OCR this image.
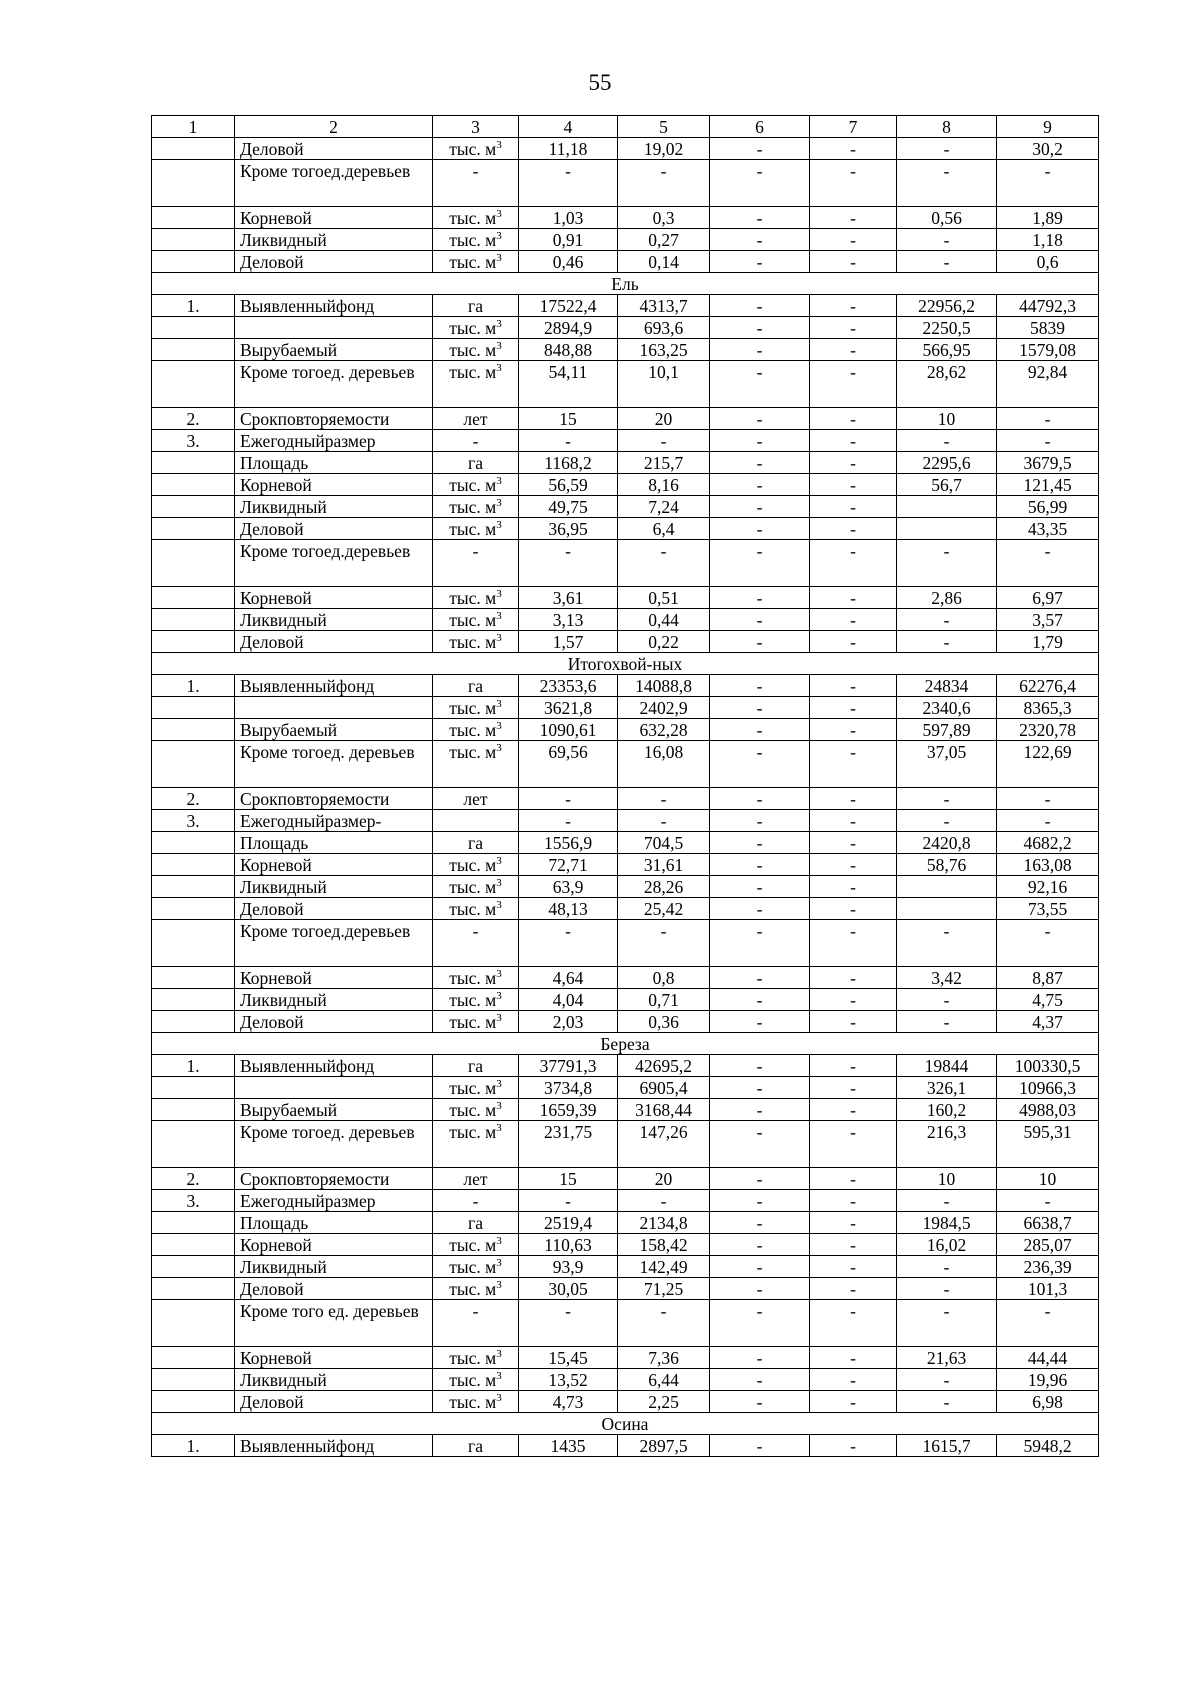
55
1	2	3	4	5	6	7	8	9
	Деловой	тыс. $м^3$	11,18	19,02	-	-	-	30,2
	Кроме тогоед.деревьев	-	-	-	-	-	-	-
	Корневой	тыс. $м^3$	1,03	0,3	-	-	0,56	1,89
	Ликвидный	тыс. $м^3$	0,91	0,27	-	-	-	1,18
	Деловой	тыс. $м^3$	0,46	0,14	-	-	-	0,6
Ель								
1.	Выявленныйфонд	га	17522,4	4313,7	-	-	22956,2	44792,3
		тыс. $м^3$	2894,9	693,6	-	-	2250,5	5839
	Вырубаемый	тыс. $м^3$	848,88	163,25	-	-	566,95	1579,08
	Кроме тогоед. деревьев	тыс. $м^3$	54,11	10,1	-	-	28,62	92,84
2.	Срокповторяемости	лет	15	20	-	-	10	-
3.	Ежегодныйразмер	-	-	-	-	-	-	-
	Площадь	га	1168,2	215,7	-	-	2295,6	3679,5
	Корневой	тыс. $м^3$	56,59	8,16	-	-	56,7	121,45
	Ликвидный	тыс. $м^3$	49,75	7,24	-	-		56,99
	Деловой	тыс. $м^3$	36,95	6,4	-	-		43,35
	Кроме тогоед.деревьев	-	-	-	-	-	-	-
	Корневой	тыс. $м^3$	3,61	0,51	-	-	2,86	6,97
	Ликвидный	тыс. $м^3$	3,13	0,44	-	-	-	3,57
	Деловой	тыс. $м^3$	1,57	0,22	-	-	-	1,79
Итогохвой-ных								
1.	Выявленныйфонд	га	23353,6	14088,8	-	-	24834	62276,4
		тыс. $м^3$	3621,8	2402,9	-	-	2340,6	8365,3
	Вырубаемый	тыс. $м^3$	1090,61	632,28	-	-	597,89	2320,78
	Кроме тогоед. деревьев	тыс. $м^3$	69,56	16,08	-	-	37,05	122,69
2.	Срокповторяемости	лет	-	-	-	-	-	-
3.	Ежегодныйразмер-		-	-	-	-	-	-
	Площадь	га	1556,9	704,5	-	-	2420,8	4682,2
	Корневой	тыс. $м^3$	72,71	31,61	-	-	58,76	163,08
	Ликвидный	тыс. $м^3$	63,9	28,26	-	-		92,16
	Деловой	тыс. $м^3$	48,13	25,42	-	-		73,55
	Кроме тогоед.деревьев	-	-	-	-	-	-	-
	Корневой	тыс. $м^3$	4,64	0,8	-	-	3,42	8,87
	Ликвидный	тыс. $м^3$	4,04	0,71	-	-	-	4,75
	Деловой	тыс. $м^3$	2,03	0,36	-	-	-	4,37
Береза								
1.	Выявленныйфонд	га	37791,3	42695,2	-	-	19844	100330,5
		тыс. $м^3$	3734,8	6905,4	-	-	326,1	10966,3
	Вырубаемый	тыс. $м^3$	1659,39	3168,44	-	-	160,2	4988,03
	Кроме тогоед. деревьев	тыс. $м^3$	231,75	147,26	-	-	216,3	595,31
2.	Срокповторяемости	лет	15	20	-	-	10	10
3.	Ежегодныйразмер	-	-	-	-	-	-	-
	Площадь	га	2519,4	2134,8	-	-	1984,5	6638,7
	Корневой	тыс. $м^3$	110,63	158,42	-	-	16,02	285,07
	Ликвидный	тыс. $м^3$	93,9	142,49	-	-	-	236,39
	Деловой	тыс. $м^3$	30,05	71,25	-	-	-	101,3
	Кроме того ед. деревьев	-	-	-	-	-	-	-
	Корневой	тыс. $м^3$	15,45	7,36	-	-	21,63	44,44
	Ликвидный	тыс. $м^3$	13,52	6,44	-	-	-	19,96
	Деловой	тыс. $м^3$	4,73	2,25	-	-	-	6,98
Осина								
1.	Выявленныйфонд	га	1435	2897,5	-	-	1615,7	5948,2
